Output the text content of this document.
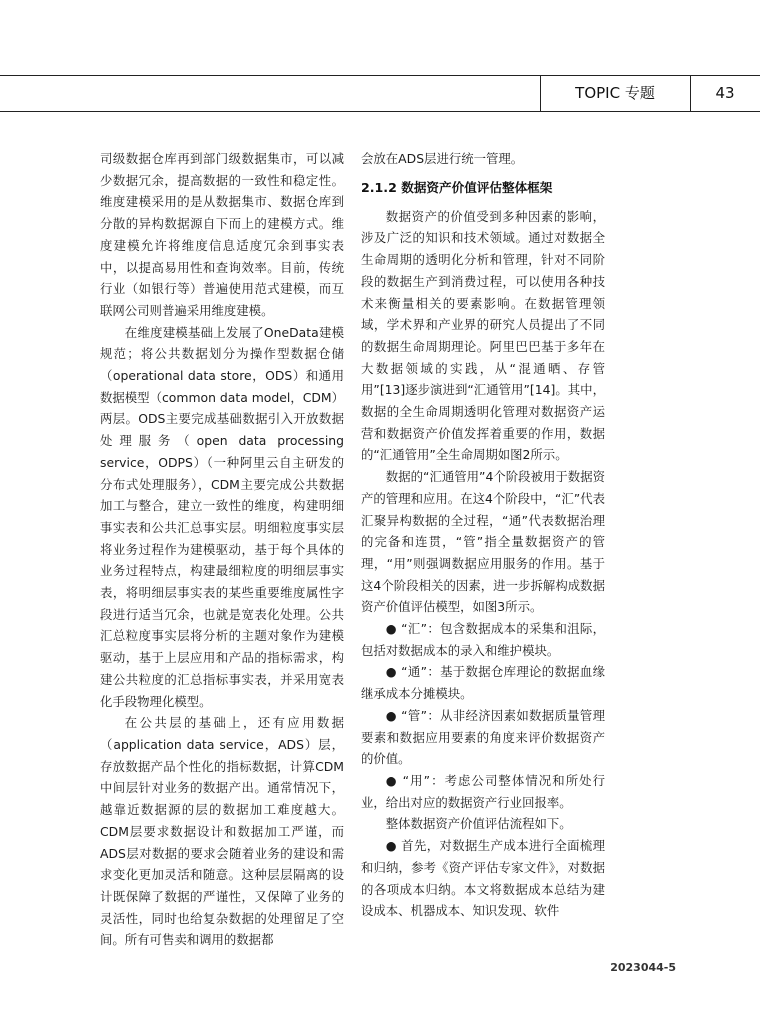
TOPIC 专题	43

司级数据仓库再到部门级数据集市，可以减少数据冗余，提高数据的一致性和稳定性。维度建模采用的是从数据集市、数据仓库到分散的异构数据源自下而上的建模方式。维度建模允许将维度信息适度冗余到事实表中，以提高易用性和查询效率。目前，传统行业（如银行等）普遍使用范式建模，而互联网公司则普遍采用维度建模。

在维度建模基础上发展了OneData建模规范；将公共数据划分为操作型数据仓储（operational data store，ODS）和通用数据模型（common data model，CDM）两层。ODS主要完成基础数据引入开放数据处理服务（open data processing service，ODPS）（一种阿里云自主研发的分布式处理服务），CDM主要完成公共数据加工与整合，建立一致性的维度，构建明细事实表和公共汇总事实层。明细粒度事实层将业务过程作为建模驱动，基于每个具体的业务过程特点，构建最细粒度的明细层事实表，将明细层事实表的某些重要维度属性字段进行适当冗余，也就是宽表化处理。公共汇总粒度事实层将分析的主题对象作为建模驱动，基于上层应用和产品的指标需求，构建公共粒度的汇总指标事实表，并采用宽表化手段物理化模型。

在公共层的基础上，还有应用数据（application data service，ADS）层，存放数据产品个性化的指标数据，计算CDM中间层针对业务的数据产出。通常情况下，越靠近数据源的层的数据加工难度越大。CDM层要求数据设计和数据加工严谨，而ADS层对数据的要求会随着业务的建设和需求变化更加灵活和随意。这种层层隔离的设计既保障了数据的严谨性，又保障了业务的灵活性，同时也给复杂数据的处理留足了空间。所有可售卖和调用的数据都

会放在ADS层进行统一管理。

2.1.2 数据资产价值评估整体框架

数据资产的价值受到多种因素的影响，涉及广泛的知识和技术领域。通过对数据全生命周期的透明化分析和管理，针对不同阶段的数据生产到消费过程，可以使用各种技术来衡量相关的要素影响。在数据管理领域，学术界和产业界的研究人员提出了不同的数据生命周期理论。阿里巴巴基于多年在大数据领域的实践，从“混通晒、存管用”[13]逐步演进到“汇通管用”[14]。其中，数据的全生命周期透明化管理对数据资产运营和数据资产价值发挥着重要的作用，数据的“汇通管用”全生命周期如图2所示。

数据的“汇通管用”4个阶段被用于数据资产的管理和应用。在这4个阶段中，“汇”代表汇聚异构数据的全过程，“通”代表数据治理的完备和连贯，“管”指全量数据资产的管理，“用”则强调数据应用服务的作用。基于这4个阶段相关的因素，进一步拆解构成数据资产价值评估模型，如图3所示。

● “汇”：包含数据成本的采集和沮际，包括对数据成本的录入和维护模块。

● “通”：基于数据仓库理论的数据血缘继承成本分摊模块。

● “管”：从非经济因素如数据质量管理要素和数据应用要素的角度来评价数据资产的价值。

● “用”：考虑公司整体情况和所处行业，给出对应的数据资产行业回报率。

整体数据资产价值评估流程如下。

● 首先，对数据生产成本进行全面梳理和归纳，参考《资产评估专家文件》，对数据的各项成本归纳。本文将数据成本总结为建设成本、机器成本、知识发现、软件

2023044-5
